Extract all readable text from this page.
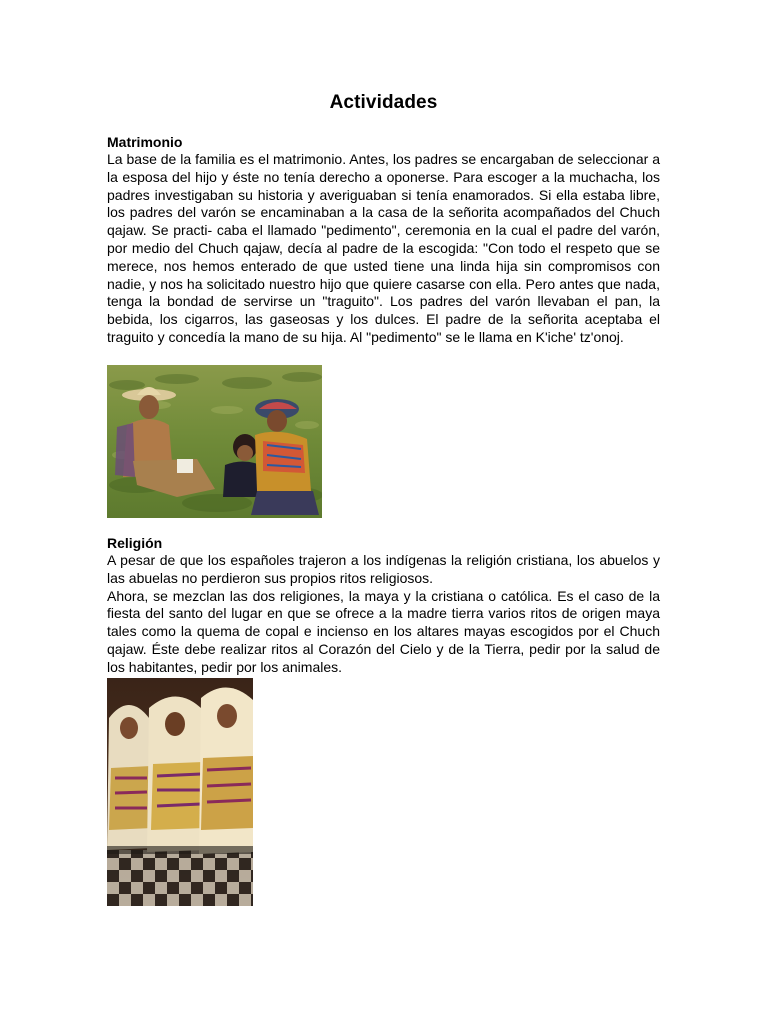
Actividades
Matrimonio

La base de la familia es el matrimonio. Antes, los padres se encargaban de seleccionar a la esposa del hijo y éste no tenía derecho a oponerse. Para escoger a la muchacha, los padres investigaban su historia y averiguaban si tenía enamorados. Si ella estaba libre, los padres del varón se encaminaban a la casa de la señorita acompañados del Chuch qajaw. Se practi- caba el llamado "pedimento", ceremonia en la cual el padre del varón, por medio del Chuch qajaw, decía al padre de la escogida: "Con todo el respeto que se merece, nos hemos enterado de que usted tiene una linda hija sin compromisos con nadie, y nos ha solicitado nuestro hijo que quiere casarse con ella. Pero antes que nada, tenga la bondad de servirse un "traguito". Los padres del varón llevaban el pan, la bebida, los cigarros, las gaseosas y los dulces. El padre de la señorita aceptaba el traguito y concedía la mano de su hija. Al "pedimento" se le llama en K'iche' tz'onoj.

Religión

A pesar de que los españoles trajeron a los indígenas la religión cristiana, los abuelos y las abuelas no perdieron sus propios ritos religiosos.

Ahora, se mezclan las dos religiones, la maya y la cristiana o católica. Es el caso de la fiesta del santo del lugar en que se ofrece a la madre tierra varios ritos de origen maya tales como la quema de copal e incienso en los altares mayas escogidos por el Chuch qajaw. Éste debe realizar ritos al Corazón del Cielo y de la Tierra, pedir por la salud de los habitantes, pedir por los animales.
